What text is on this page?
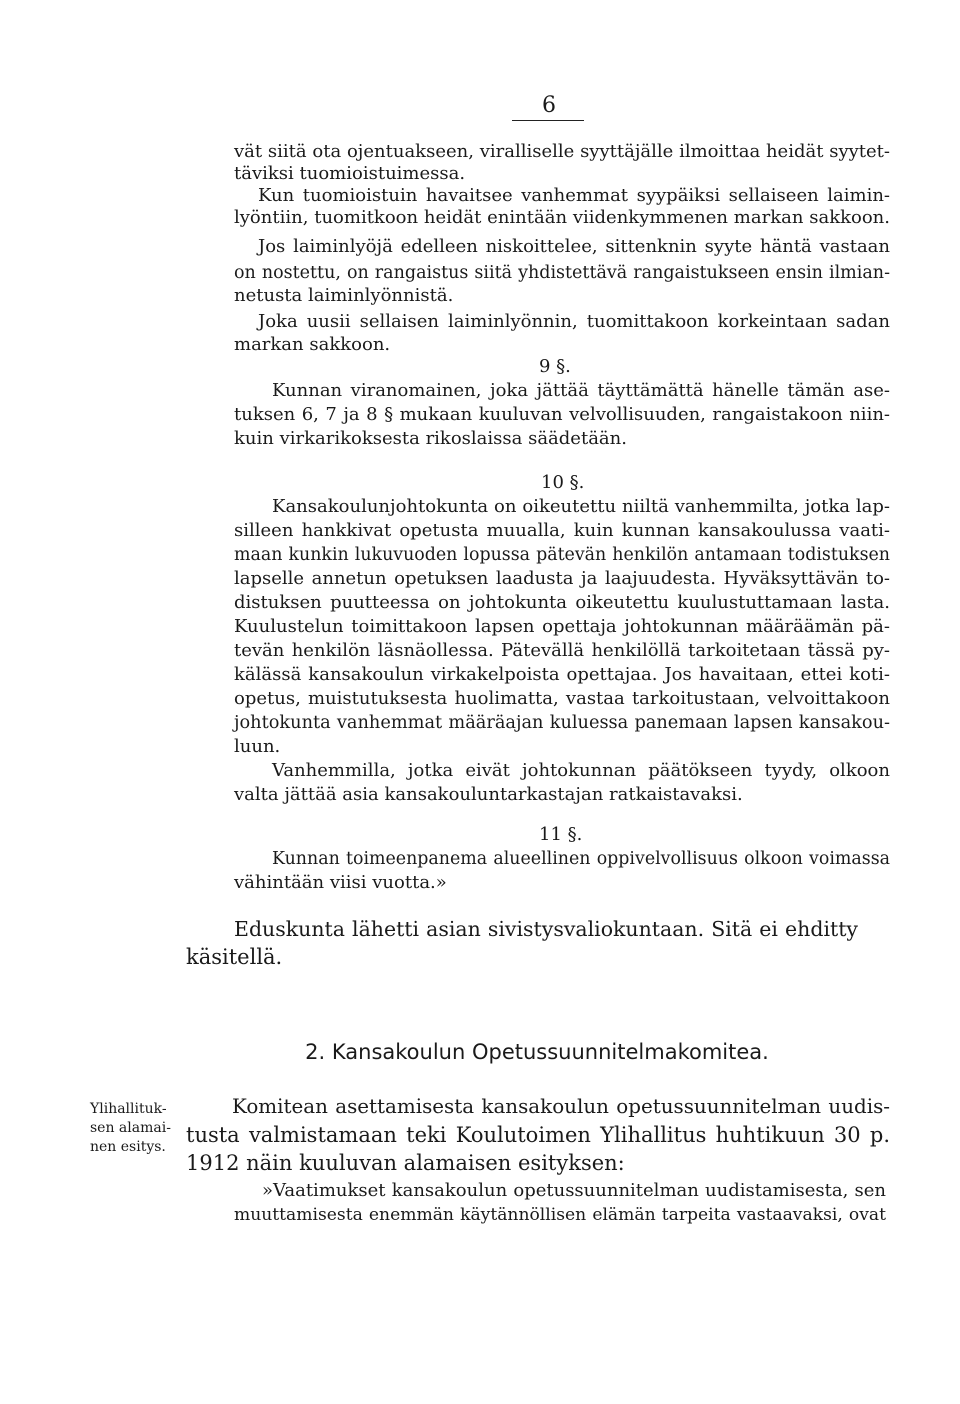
6
vät siitä ota ojentuakseen, viralliselle syyttäjälle ilmoittaa heidät syytet-
täviksi tuomioistuimessa.
Kun tuomioistuin havaitsee vanhemmat syypäiksi sellaiseen laimin-
lyöntiin, tuomitkoon heidät enintään viidenkymmenen markan sakkoon.
Jos laiminlyöjä edelleen niskoittelee, sittenknin syyte häntä vastaan
on nostettu, on rangaistus siitä yhdistettävä rangaistukseen ensin ilmian-
netusta laiminlyönnistä.
Joka uusii sellaisen laiminlyönnin, tuomittakoon korkeintaan sadan
markan sakkoon.
9 §.
Kunnan viranomainen, joka jättää täyttämättä hänelle tämän ase-
tuksen 6, 7 ja 8 § mukaan kuuluvan velvollisuuden, rangaistakoon niin-
kuin virkarikoksesta rikoslaissa säädetään.
10 §.
Kansakoulunjohtokunta on oikeutettu niiltä vanhemmilta, jotka lap-
silleen hankkivat opetusta muualla, kuin kunnan kansakoulussa vaati-
maan kunkin lukuvuoden lopussa pätevän henkilön antamaan todistuksen
lapselle annetun opetuksen laadusta ja laajuudesta. Hyväksyttävän to-
distuksen puutteessa on johtokunta oikeutettu kuulustuttamaan lasta.
Kuulustelun toimittakoon lapsen opettaja johtokunnan määräämän pä-
tevän henkilön läsnäollessa. Pätevällä henkilöllä tarkoitetaan tässä py-
kälässä kansakoulun virkakelpoista opettajaa. Jos havaitaan, ettei koti-
opetus, muistutuksesta huolimatta, vastaa tarkoitustaan, velvoittakoon
johtokunta vanhemmat määräajan kuluessa panemaan lapsen kansakou-
luun.
Vanhemmilla, jotka eivät johtokunnan päätökseen tyydy, olkoon
valta jättää asia kansakouluntarkastajan ratkaistavaksi.
11 §.
Kunnan toimeenpanema alueellinen oppivelvollisuus olkoon voimassa
vähintään viisi vuotta.»
Eduskunta lähetti asian sivistysvaliokuntaan. Sitä ei ehditty
käsitellä.
2. Kansakoulun Opetussuunnitelmakomitea.
Ylihallituk-
sen alamai-
nen esitys.
Komitean asettamisesta kansakoulun opetussuunnitelman uudis-
tusta valmistamaan teki Koulutoimen Ylihallitus huhtikuun 30 p.
1912 näin kuuluvan alamaisen esityksen:
»Vaatimukset kansakoulun opetussuunnitelman uudistamisesta, sen
muuttamisesta enemmän käytännöllisen elämän tarpeita vastaavaksi, ovat
